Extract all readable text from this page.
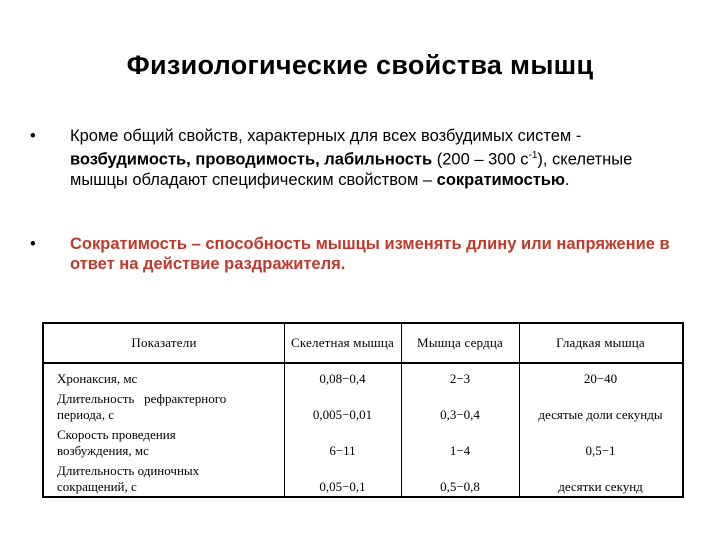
Физиологические свойства мышц
• Кроме общий свойств, характерных для всех возбудимых систем - возбудимость, проводимость, лабильность (200 – 300 $с^{-1}$), скелетные мышцы обладают специфическим свойством – сократимостью.
• Сократимость – способность мышцы изменять длину или напряжение в ответ на действие раздражителя.
Показатели	Скелетная мышца	Мышца сердца	Гладкая мышца
Хронаксия, мс	0,08−0,4	2−3	20−40
Длительность   рефрактерного
периода, с	0,005−0,01	0,3−0,4	десятые доли секунды
Скорость проведения
возбуждения, мс	6−11	1−4	0,5−1
Длительность одиночных
сокращений, с	0,05−0,1	0,5−0,8	десятки секунд
